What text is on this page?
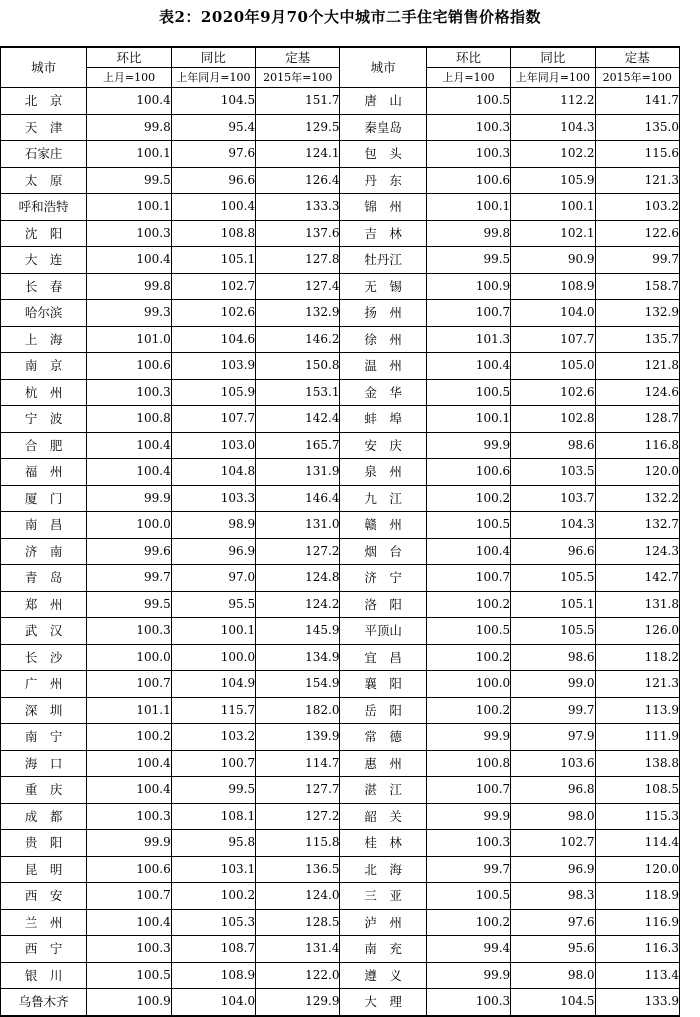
表2：2020年9月70个大中城市二手住宅销售价格指数
城市	环比	同比	定基	城市	环比	同比	定基
	上月=100	上年同月=100	2015年=100		上月=100	上年同月=100	2015年=100
北　京	100.4	104.5	151.7	唐　山	100.5	112.2	141.7
天　津	99.8	95.4	129.5	秦皇岛	100.3	104.3	135.0
石家庄	100.1	97.6	124.1	包　头	100.3	102.2	115.6
太　原	99.5	96.6	126.4	丹　东	100.6	105.9	121.3
呼和浩特	100.1	100.4	133.3	锦　州	100.1	100.1	103.2
沈　阳	100.3	108.8	137.6	吉　林	99.8	102.1	122.6
大　连	100.4	105.1	127.8	牡丹江	99.5	90.9	99.7
长　春	99.8	102.7	127.4	无　锡	100.9	108.9	158.7
哈尔滨	99.3	102.6	132.9	扬　州	100.7	104.0	132.9
上　海	101.0	104.6	146.2	徐　州	101.3	107.7	135.7
南　京	100.6	103.9	150.8	温　州	100.4	105.0	121.8
杭　州	100.3	105.9	153.1	金　华	100.5	102.6	124.6
宁　波	100.8	107.7	142.4	蚌　埠	100.1	102.8	128.7
合　肥	100.4	103.0	165.7	安　庆	99.9	98.6	116.8
福　州	100.4	104.8	131.9	泉　州	100.6	103.5	120.0
厦　门	99.9	103.3	146.4	九　江	100.2	103.7	132.2
南　昌	100.0	98.9	131.0	赣　州	100.5	104.3	132.7
济　南	99.6	96.9	127.2	烟　台	100.4	96.6	124.3
青　岛	99.7	97.0	124.8	济　宁	100.7	105.5	142.7
郑　州	99.5	95.5	124.2	洛　阳	100.2	105.1	131.8
武　汉	100.3	100.1	145.9	平顶山	100.5	105.5	126.0
长　沙	100.0	100.0	134.9	宜　昌	100.2	98.6	118.2
广　州	100.7	104.9	154.9	襄　阳	100.0	99.0	121.3
深　圳	101.1	115.7	182.0	岳　阳	100.2	99.7	113.9
南　宁	100.2	103.2	139.9	常　德	99.9	97.9	111.9
海　口	100.4	100.7	114.7	惠　州	100.8	103.6	138.8
重　庆	100.4	99.5	127.7	湛　江	100.7	96.8	108.5
成　都	100.3	108.1	127.2	韶　关	99.9	98.0	115.3
贵　阳	99.9	95.8	115.8	桂　林	100.3	102.7	114.4
昆　明	100.6	103.1	136.5	北　海	99.7	96.9	120.0
西　安	100.7	100.2	124.0	三　亚	100.5	98.3	118.9
兰　州	100.4	105.3	128.5	泸　州	100.2	97.6	116.9
西　宁	100.3	108.7	131.4	南　充	99.4	95.6	116.3
银　川	100.5	108.9	122.0	遵　义	99.9	98.0	113.4
乌鲁木齐	100.9	104.0	129.9	大　理	100.3	104.5	133.9
